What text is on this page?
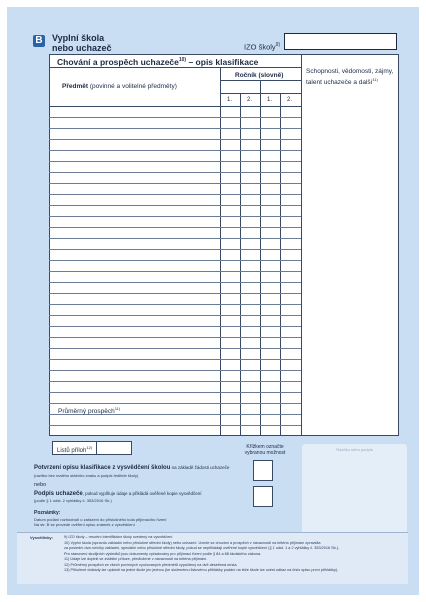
B Vyplní škola
nebo uchazeč	IZO školy$^{9)}$
Chování a prospěch uchazeče$^{10)}$ – opis klasifikace
Ročník (slovně)
Předmět (povinné a volitelné předměty)
1. 2. 1. 2.
Schopnosti, vědomosti, zájmy, talent uchazeče a další$^{11)}$
Průměrný prospěch$^{11)}$
Listů příloh$^{12)}$	Křížkem označte vybranou možnost
Razítko nebo podpis
Potvrzení opisu klasifikace z vysvědčení školou na základě žádosti uchazeče
(razítko bez malého státního znaku a podpis ředitele školy)
nebo
Podpis uchazeče, pokud vyplňuje údaje a přikládá ověřené kopie vysvědčení
(podle § 1 odst. 2 vyhlášky č. 353/2016 Sb.)
Poznámky:
Datum podání rozhodnutí o zařazení do příslušného kola přijímacího řízení
Na str. B se provede ověření opisu známek z vysvědčení
Vysvětlivky:	9) IZO školy – resortní identifikátor školy uvedený na vysvědčení
10) Vyplní škola (opravdu základní nebo příslušné střední školy) nebo uchazeč. Uvede se chování a prospěch v návaznosti na kritéria přijímání zpravidla
za poslední dva ročníky základní, speciální nebo příslušné střední školy, pokud se nepřikládají ověřené kopie vysvědčení (§ 1 odst. 1 a 2 vyhlášky č. 353/2016 Sb.).
Pro stanovení studijních výsledků jsou dokumenty vyžadovány pro přijímací řízení podle § 84 a 88 školského zákona.
11) Údaje lze doplnit ve zvláštní příloze, předložené v návaznosti na kritéria přijímání.
12) Průměrný prospěch ze všech povinných vyučovaných předmětů vypočtený na dvě desetinná místa.
13) Přiložené doklady lze uplatnit na jedné škole jen jednou (ke složenému listovému přihlášky podání na téže škole lze uvést odkaz na číslo opisu první přihlášky).
